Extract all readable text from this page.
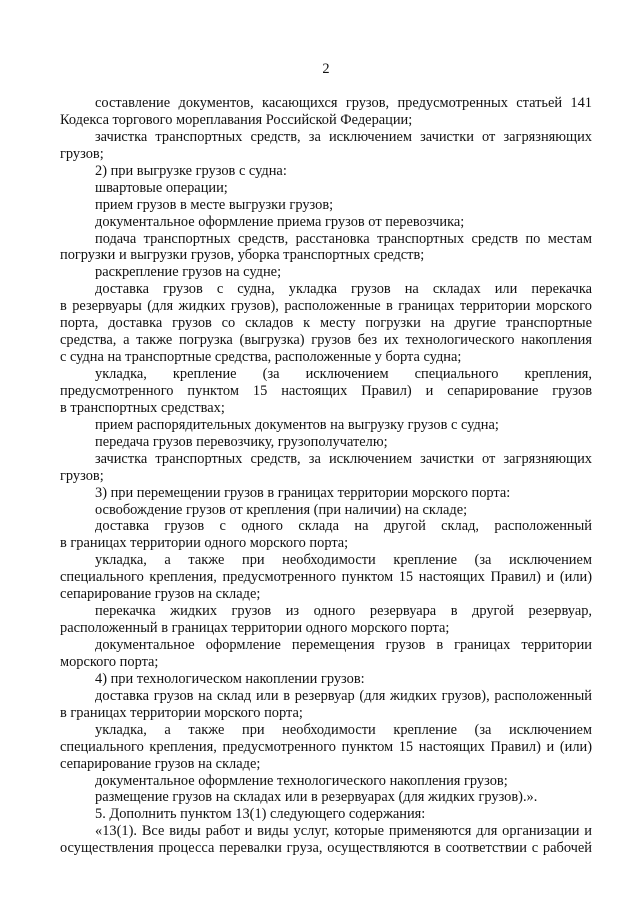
2
составление документов, касающихся грузов, предусмотренных статьей 141
Кодекса торгового мореплавания Российской Федерации;
зачистка транспортных средств, за исключением зачистки от загрязняющих
грузов;
2) при выгрузке грузов с судна:
швартовые операции;
прием грузов в месте выгрузки грузов;
документальное оформление приема грузов от перевозчика;
подача транспортных средств, расстановка транспортных средств по местам
погрузки и выгрузки грузов, уборка транспортных средств;
раскрепление грузов на судне;
доставка грузов с судна, укладка грузов на складах или перекачка
в резервуары (для жидких грузов), расположенные в границах территории морского
порта, доставка грузов со складов к месту погрузки на другие транспортные
средства, а также погрузка (выгрузка) грузов без их технологического накопления
с судна на транспортные средства, расположенные у борта судна;
укладка, крепление (за исключением специального крепления,
предусмотренного пунктом 15 настоящих Правил) и сепарирование грузов
в транспортных средствах;
прием распорядительных документов на выгрузку грузов с судна;
передача грузов перевозчику, грузополучателю;
зачистка транспортных средств, за исключением зачистки от загрязняющих
грузов;
3) при перемещении грузов в границах территории морского порта:
освобождение грузов от крепления (при наличии) на складе;
доставка грузов с одного склада на другой склад, расположенный
в границах территории одного морского порта;
укладка, а также при необходимости крепление (за исключением
специального крепления, предусмотренного пунктом 15 настоящих Правил) и (или)
сепарирование грузов на складе;
перекачка жидких грузов из одного резервуара в другой резервуар,
расположенный в границах территории одного морского порта;
документальное оформление перемещения грузов в границах территории
морского порта;
4) при технологическом накоплении грузов:
доставка грузов на склад или в резервуар (для жидких грузов), расположенный
в границах территории морского порта;
укладка, а также при необходимости крепление (за исключением
специального крепления, предусмотренного пунктом 15 настоящих Правил) и (или)
сепарирование грузов на складе;
документальное оформление технологического накопления грузов;
размещение грузов на складах или в резервуарах (для жидких грузов).».
5. Дополнить пунктом 13(1) следующего содержания:
«13(1). Все виды работ и виды услуг, которые применяются для организации и
осуществления процесса перевалки груза, осуществляются в соответствии с рабочей
